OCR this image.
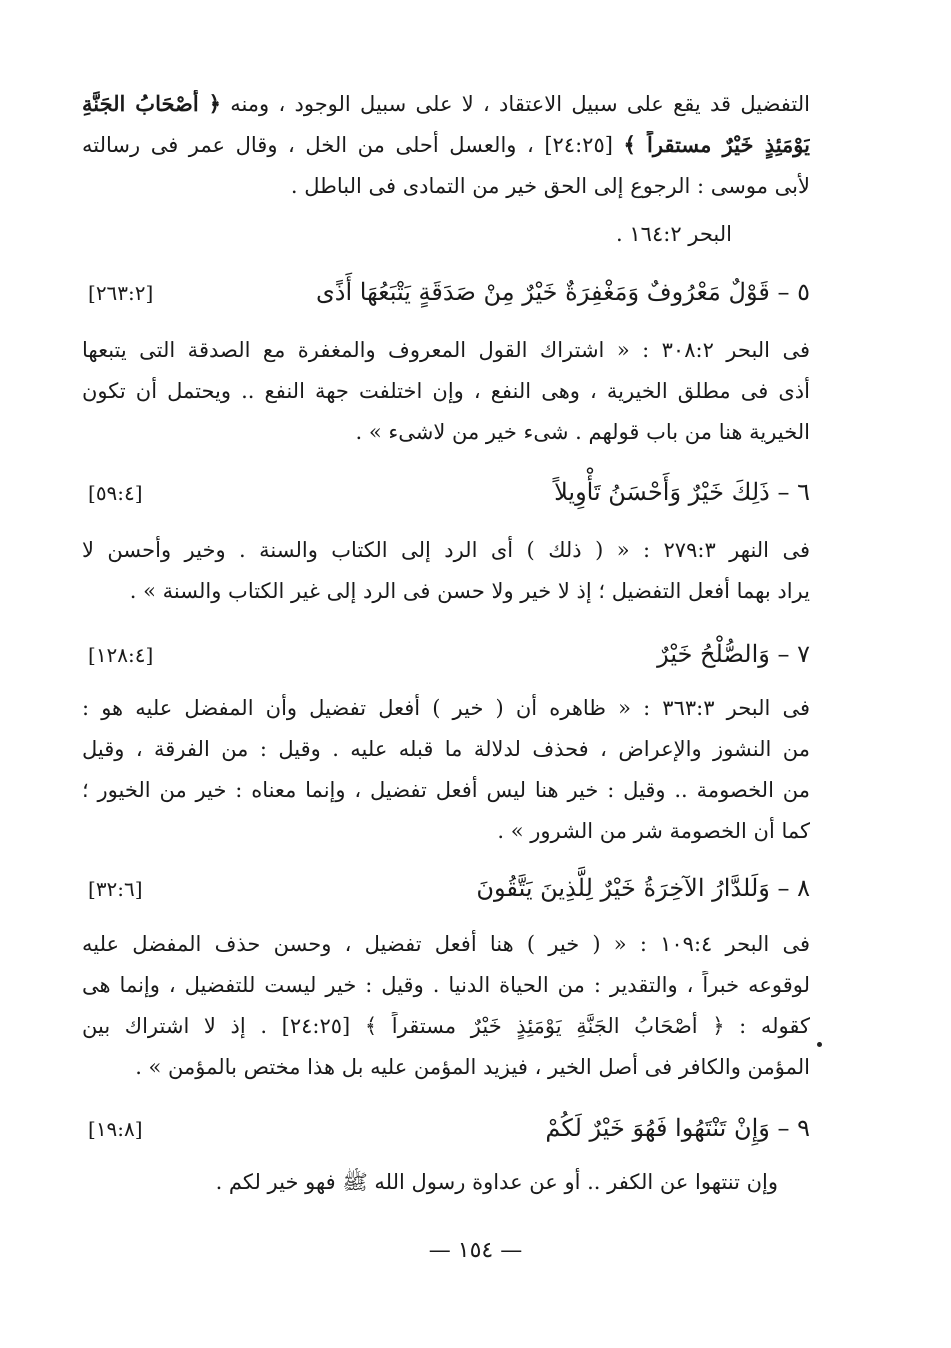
التفضيل قد يقع على سبيل الاعتقاد ، لا على سبيل الوجود ، ومنه ﴿ أَصْحَابُ الجَنَّةِ
يَوْمَئِذٍ خَيْرٌ مستقراً ﴾ [٢٤:٢٥] ، والعسل أحلى من الخل ، وقال عمر فى رسالته
لأبى موسى : الرجوع إلى الحق خير من التمادى فى الباطل .
البحر ١٦٤:٢ .
٥ – قَوْلٌ مَعْرُوفٌ وَمَغْفِرَةٌ خَيْرٌ مِنْ صَدَقَةٍ يَتْبَعُهَا أَذًى
[٢٦٣:٢]
فى البحر ٣٠٨:٢ : « اشتراك القول المعروف والمغفرة مع الصدقة التى يتبعها
أذى فى مطلق الخيرية ، وهى النفع ، وإن اختلفت جهة النفع .. ويحتمل أن تكون
الخيرية هنا من باب قولهم . شىء خير من لاشىء » .
٦ – ذَلِكَ خَيْرٌ وَأَحْسَنُ تَأْوِيلاً
[٥٩:٤]
فى النهر ٢٧٩:٣ : « ( ذلك ) أى الرد إلى الكتاب والسنة . وخير وأحسن لا
يراد بهما أفعل التفضيل ؛ إذ لا خير ولا حسن فى الرد إلى غير الكتاب والسنة » .
٧ – وَالصُّلْحُ خَيْرٌ
[١٢٨:٤]
فى البحر ٣٦٣:٣ : « ظاهره أن ( خير ) أفعل تفضيل وأن المفضل عليه هو :
من النشوز والإعراض ، فحذف لدلالة ما قبله عليه . وقيل : من الفرقة ، وقيل
من الخصومة .. وقيل : خير هنا ليس أفعل تفضيل ، وإنما معناه : خير من الخيور ؛
كما أن الخصومة شر من الشرور » .
٨ – وَلَلدَّارُ الآخِرَةُ خَيْرٌ لِلَّذِينَ يَتَّقُونَ
[٣٢:٦]
فى البحر ١٠٩:٤ : « ( خير ) هنا أفعل تفضيل ، وحسن حذف المفضل عليه
لوقوعه خبراً ، والتقدير : من الحياة الدنيا . وقيل : خير ليست للتفضيل ، وإنما هى
كقوله : ﴿ أَصْحَابُ الجَنَّةِ يَوْمَئِذٍ خَيْرٌ مستقراً ﴾ [٢٤:٢٥] . إذ لا اشتراك بين
المؤمن والكافر فى أصل الخير ، فيزيد المؤمن عليه بل هذا مختص بالمؤمن » .
٩ – وَإِنْ تَنْتَهُوا فَهُوَ خَيْرٌ لَكُمْ
[١٩:٨]
وإن تنتهوا عن الكفر .. أو عن عداوة رسول الله ﷺ فهو خير لكم .
— ١٥٤ —
